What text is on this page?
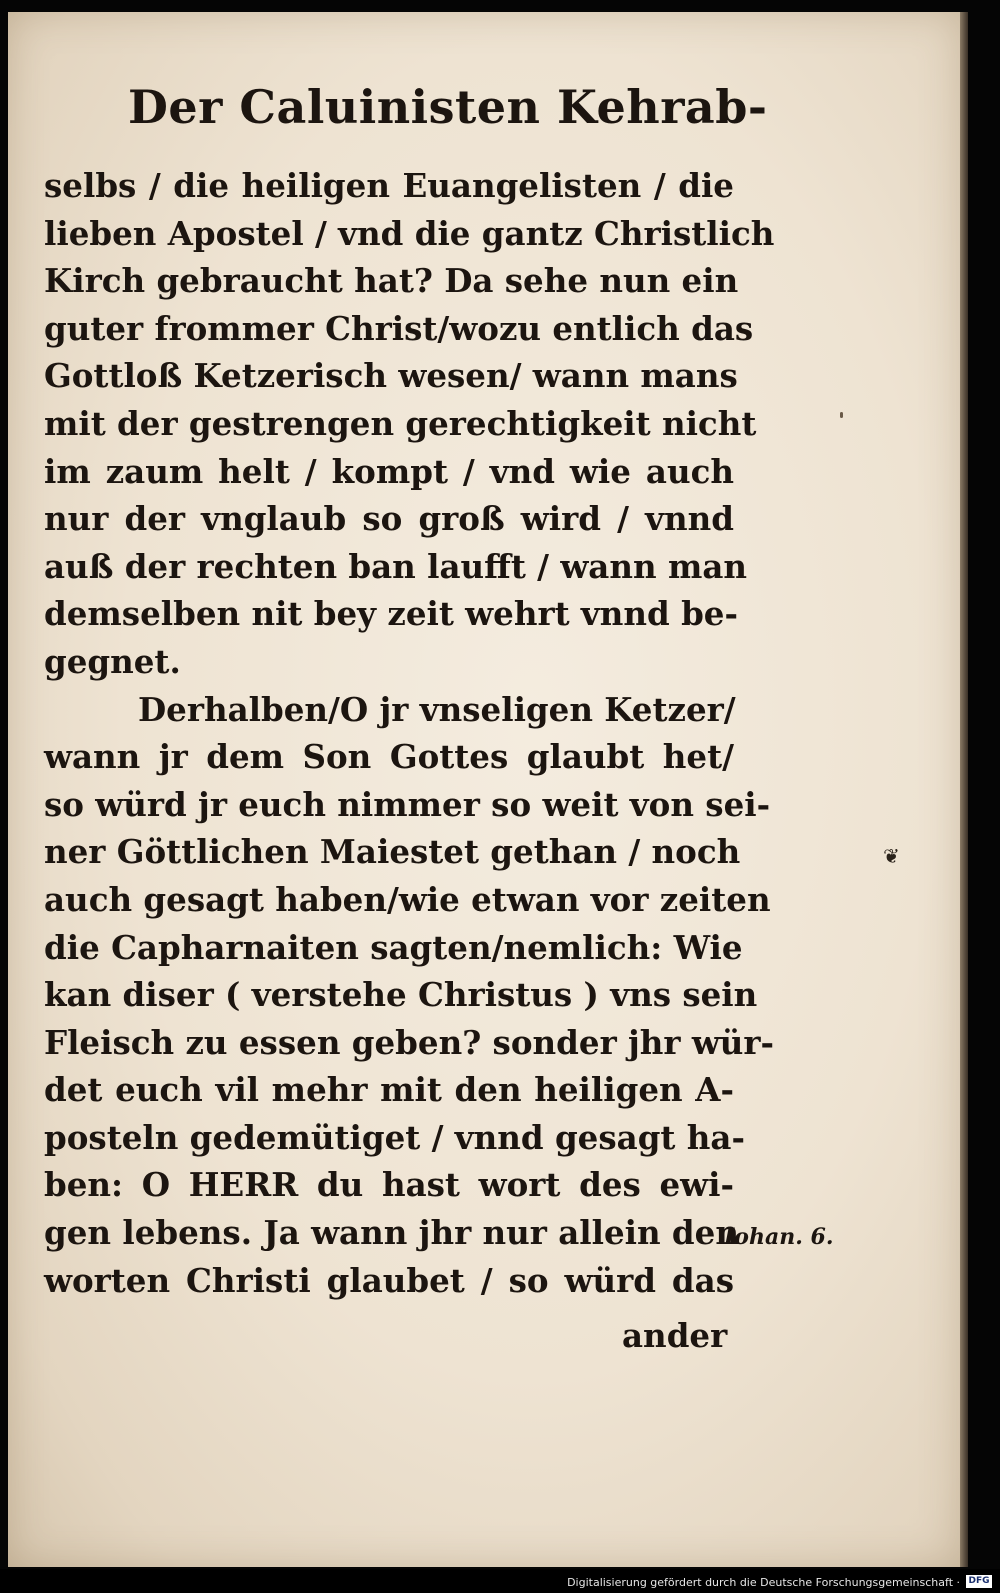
Der Caluinisten Kehrab-
selbs / die heiligen Euangelisten / die
lieben Apostel / vnd die gantz Christlich
Kirch gebraucht hat? Da sehe nun ein
guter frommer Christ/wozu entlich das
Gottloß Ketzerisch wesen/ wann mans
mit der gestrengen gerechtigkeit nicht
im zaum helt / kompt / vnd wie auch
nur der vnglaub so groß wird / vnnd
auß der rechten ban laufft / wann man
demselben nit bey zeit wehrt vnnd be-
gegnet.
Derhalben/O jr vnseligen Ketzer/
wann jr dem Son Gottes glaubt het/
so würd jr euch nimmer so weit von sei-
ner Göttlichen Maiestet gethan / noch
auch gesagt haben/wie etwan vor zeiten
die Capharnaiten sagten/nemlich: Wie
kan diser ( verstehe Christus ) vns sein
Fleisch zu essen geben? sonder jhr wür-
det euch vil mehr mit den heiligen A-
posteln gedemütiget / vnnd gesagt ha-
ben: O HERR du hast wort des ewi-
gen lebens. Ja wann jhr nur allein den
worten Christi glaubet / so würd das
ander
Iohan. 6.
❦
Digitalisierung gefördert durch die Deutsche Forschungsgemeinschaft · DFG
